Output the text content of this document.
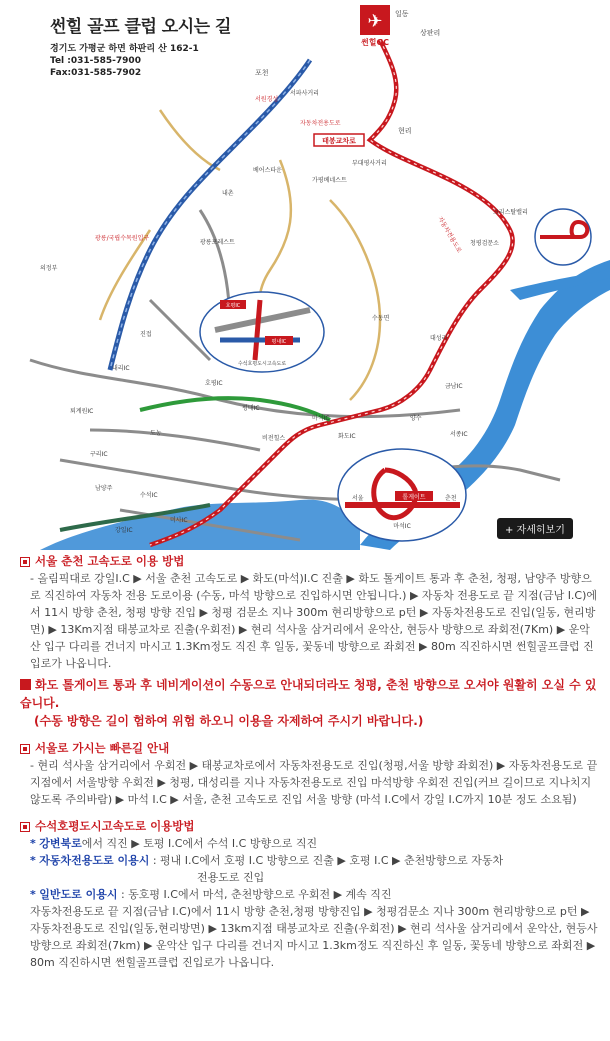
✈
썬힐GC
일동
상판리
현리
포천
서파사거리
서원경성
자동차전용도로
태봉교차로
부대평사거리
가평베네스트
베어스타운
크리스탈밸리
청평검문소
자동차전용도로
광릉포레스트
광릉/국립수목원입구
내촌
의정부
내리IC
퇴계원IC
호평IC
평내IC
마석IC
화도IC	서종IC
금남IC
비전힐스
구리IC
도농
미사IC
강일IC
수석IC
진접
수동면
양수
대성리
남양주
호평IC
평내IC
수석호평도시고속도로
톨게이트
서울	춘천
마석IC
썬힐 골프 클럽 오시는 길
경기도 가평군 하면 하판리 산 162-1
Tel :031-585-7900
Fax:031-585-7902
+ 자세히보기
서울 춘천 고속도로 이용 방법

- 올림픽대로 강일I.C ▶ 서울 춘천 고속도로 ▶ 화도(마석)I.C 진출 ▶ 화도 톨게이트 통과 후 춘천, 청평, 남양주 방향으로 직진하여 자동차 전용 도로이용 (수동, 마석 방향으로 진입하시면 안됩니다.) ▶ 자동차 전용도로 끝 지점(금남 I.C)에서 11시 방향 춘천, 청평 방향 진입 ▶ 청평 검문소 지나 300m 현리방향으로 p턴 ▶ 자동차전용도로 진입(일동, 현리방면) ▶ 13Km지점 태봉교차로 진출(우회전) ▶ 현리 석사울 삼거리에서 운악산, 현등사 방향으로 좌회전(7Km) ▶ 운악산 입구 다리를 건너지 마시고 1.3Km정도 직진 후 일동, 꽃동네 방향으로 좌회전 ▶ 80m 직진하시면 썬힐골프클럽 진입로가 나옵니다.

화도 톨게이트 통과 후 네비게이션이 수동으로 안내되더라도 청평, 춘천 방향으로 오셔야 원활히 오실 수 있습니다.

(수동 방향은 길이 험하여 위험 하오니 이용을 자제하여 주시기 바랍니다.)

서울로 가시는 빠른길 안내

- 현리 석사울 삼거리에서 우회전 ▶ 태봉교차로에서 자동차전용도로 진입(청평,서울 방향 좌회전) ▶ 자동차전용도로 끝 지점에서 서울방향 우회전 ▶ 청평, 대성리를 지나 자동차전용도로 진입 마석방향 우회전 진입(커브 길이므로 지나치지 않도록 주의바람) ▶ 마석 I.C ▶ 서울, 춘천 고속도로 진입 서울 방향 (마석 I.C에서 강일 I.C까지 10분 정도 소요됨)

수석호평도시고속도로 이용방법

* 강변북로에서 직진 ▶ 토평 I.C에서 수석 I.C 방향으로 직진

* 자동차전용도로 이용시 : 평내 I.C에서 호평 I.C 방향으로 진출 ▶ 호평 I.C ▶ 춘천방향으로 자동차

전용도로 진입

* 일반도로 이용시 : 동호평 I.C에서 마석, 춘천방향으로 우회전 ▶ 계속 직진

자동차전용도로 끝 지점(금남 I.C)에서 11시 방향 춘천,청평 방향진입 ▶ 청평검문소 지나 300m 현리방향으로 p턴 ▶ 자동차전용도로 진입(일동,현리방면) ▶ 13km지점 태봉교차로 진출(우회전) ▶ 현리 석사울 삼거리에서 운악산, 현등사 방향으로 좌회전(7km) ▶ 운악산 입구 다리를 건너지 마시고 1.3km정도 직진하신 후 일동, 꽃동네 방향으로 좌회전 ▶ 80m 직진하시면 썬힐골프클럽 진입로가 나옵니다.
